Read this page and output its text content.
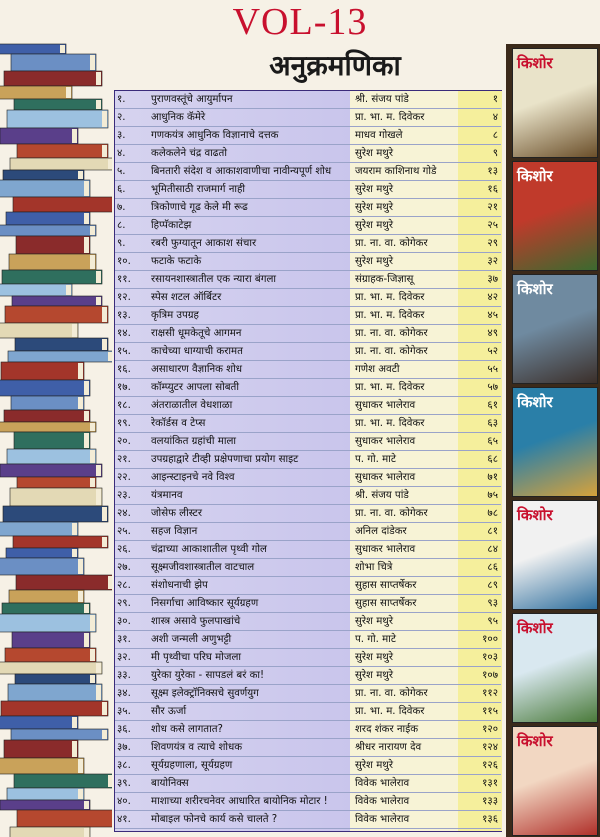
VOL-13
अनुक्रमणिका
१.	पुराणवस्तूंचे आयुर्मापन	श्री. संजय पांडे	१
२.	आधुनिक कॅमेरे	प्रा. भा. म. दिवेकर	४
३.	गणकयंत्र आधुनिक विज्ञानाचे दत्तक	माधव गोखले	८
४.	कलेकलेने चंद्र वाढतो	सुरेश मथुरे	९
५.	बिनतारी संदेश व आकाशवाणीचा नावीन्यपूर्ण शोध	जयराम काशिनाथ गोडे	१३
६.	भूमितीसाठी राजमार्ग नाही	सुरेश मथुरे	१६
७.	त्रिकोणाचे गूढ केले मी रूढ	सुरेश मथुरे	२१
८.	हिप्पॅकाटेझ	सुरेश मथुरे	२५
९.	रबरी फुग्यातून आकाश संचार	प्रा. ना. वा. कोगेकर	२९
१०.	फटाके फटाके	सुरेश मथुरे	३२
११.	रसायनशास्त्रातील एक न्यारा बंगला	संग्राहक-जिज्ञासू	३७
१२.	स्पेस शटल ऑर्बिटर	प्रा. भा. म. दिवेकर	४२
१३.	कृत्रिम उपग्रह	प्रा. भा. म. दिवेकर	४५
१४.	राक्षसी धूमकेतूचे आगमन	प्रा. ना. वा. कोगेकर	४९
१५.	काचेच्या धाग्याची करामत	प्रा. ना. वा. कोगेकर	५२
१६.	असाधारण वैज्ञानिक शोध	गणेश अवटी	५५
१७.	कॉम्प्युटर आपला सोबती	प्रा. भा. म. दिवेकर	५७
१८.	अंतराळातील वेधशाळा	सुधाकर भालेराव	६१
१९.	रेकॉर्डस व टेप्स	प्रा. भा. म. दिवेकर	६३
२०.	वलयांकित ग्रहांची माला	सुधाकर भालेराव	६५
२१.	उपग्रहाद्वारे टीव्ही प्रक्षेपणाचा प्रयोग साइट	प. गो. माटे	६८
२२.	आइन्स्टाइनचे नवे विश्व	सुधाकर भालेराव	७१
२३.	यंत्रमानव	श्री. संजय पांडे	७५
२४.	जोसेफ लीस्टर	प्रा. ना. वा. कोगेकर	७८
२५.	सहज विज्ञान	अनिल दांडेकर	८१
२६.	चंद्राच्या आकाशातील पृथ्वी गोल	सुधाकर भालेराव	८४
२७.	सूक्ष्मजीवशास्त्रातील वाटचाल	शोभा चित्रे	८६
२८.	संशोधनाची झेप	सुहास साप्तर्षेकर	८९
२९.	निसर्गाचा आविष्कार सूर्यग्रहण	सुहास साप्तर्षेकर	९३
३०.	शास्त्र असावे फुलपाखांचे	सुरेश मथुरे	९५
३१.	अशी जन्मली अणुभट्टी	प. गो. माटे	१००
३२.	मी पृथ्वीचा परिघ मोजला	सुरेश मथुरे	१०३
३३.	युरेका युरेका - सापडलं बरं का!	सुरेश मथुरे	१०७
३४.	सूक्ष्म इलेक्ट्रॉनिक्सचे सुवर्णयुग	प्रा. ना. वा. कोगेकर	११२
३५.	सौर ऊर्जा	प्रा. भा. म. दिवेकर	११५
३६.	शोध कसे लागतात?	शरद शंकर नाईक	१२०
३७.	शिवणयंत्र व त्याचे शोधक	श्रीधर नारायण देव	१२४
३८.	सूर्यग्रहणाला, सूर्यग्रहण	सुरेश मथुरे	१२६
३९.	बायोनिक्स	विवेक भालेराव	१३१
४०.	माशाच्या शरीरचनेवर आधारित बायोनिक मोटार !	विवेक भालेराव	१३३
४१.	मोबाइल फोनचे कार्य कसे चालते ?	विवेक भालेराव	१३६
किशोर
किशोर
किशोर
किशोर
किशोर
किशोर
किशोर
